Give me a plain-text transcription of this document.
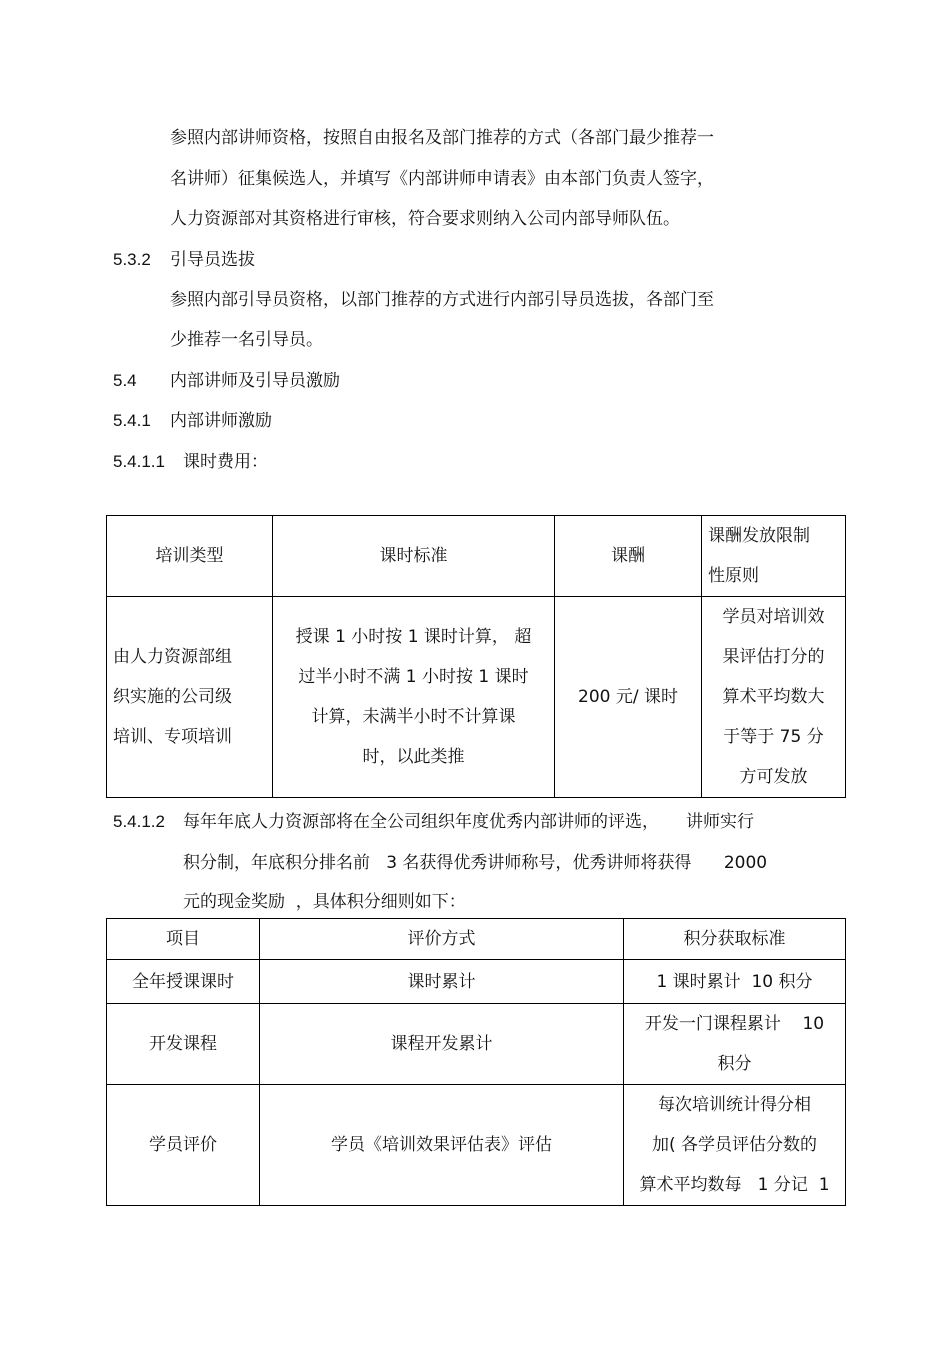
参照内部讲师资格，按照自由报名及部门推荐的方式（各部门最少推荐一
名讲师）征集候选人，并填写《内部讲师申请表》由本部门负责人签字，
人力资源部对其资格进行审核，符合要求则纳入公司内部导师队伍。
5.3.2 引导员选拔
参照内部引导员资格，以部门推荐的方式进行内部引导员选拔，各部门至
少推荐一名引导员。
5.4 内部讲师及引导员激励
5.4.1 内部讲师激励
5.4.1.1 课时费用：
培训类型	课时标准	课酬	课酬发放限制
性原则

由人力资源部组
织实施的公司级
培训、专项培训	授课 1 小时按 1 课时计算， 超
过半小时不满 1 小时按 1 课时
计算，未满半小时不计算课
时，以此类推	200 元/ 课时	学员对培训效
果评估打分的
算术平均数大
于等于 75 分
方可发放
5.4.1.2 每年年底人力资源部将在全公司组织年度优秀内部讲师的评选，     讲师实行
积分制，年底积分排名前   3 名获得优秀讲师称号，优秀讲师将获得      2000
元的现金奖励  ，具体积分细则如下：
项目	评价方式	积分获取标准
全年授课课时	课时累计	1 课时累计  10 积分
开发课程	课程开发累计	开发一门课程累计    10
积分

学员评价	学员《培训效果评估表》评估	每次培训统计得分相
加( 各学员评估分数的
算术平均数每   1 分记  1
